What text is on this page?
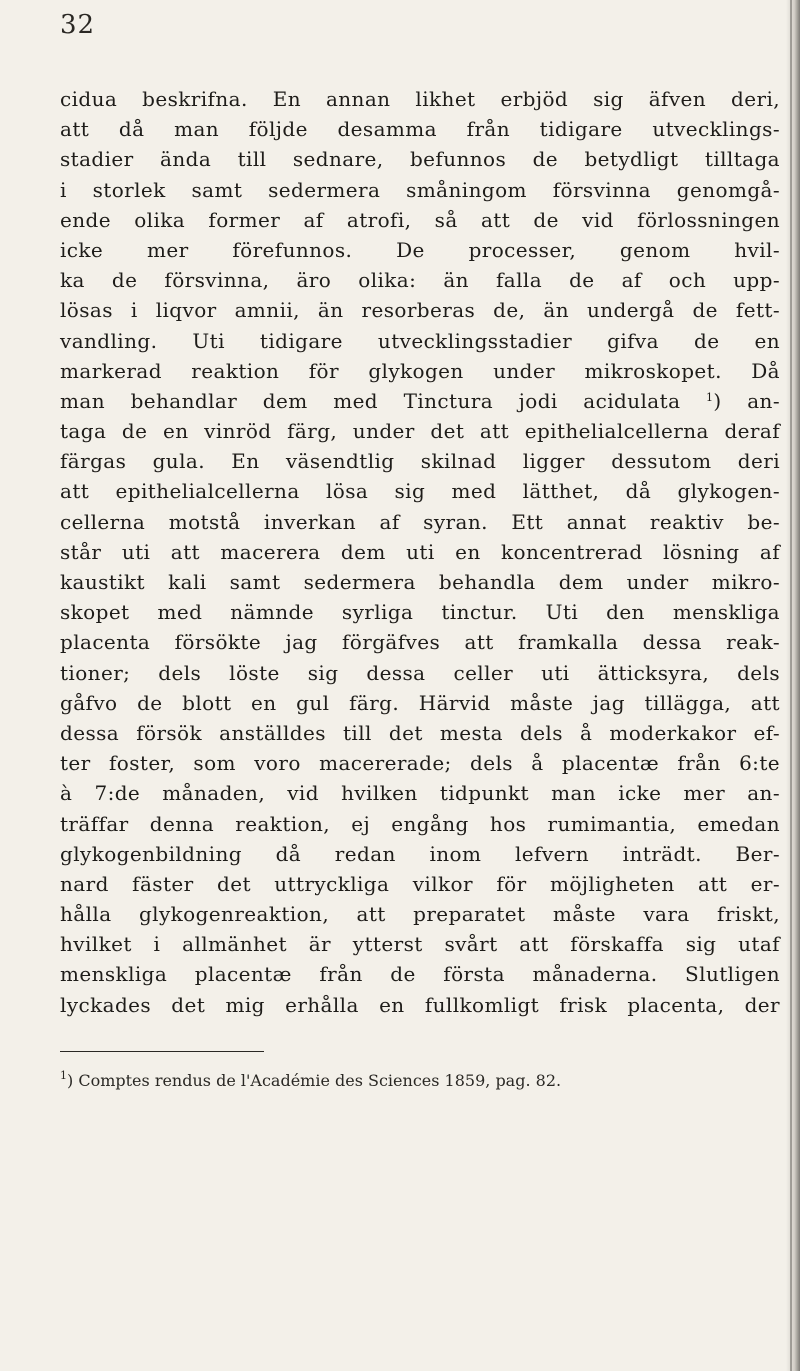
32
cidua beskrifna. En annan likhet erbjöd sig äfven deri,
att då man följde desamma från tidigare utvecklings-
stadier ända till sednare, befunnos de betydligt tilltaga
i storlek samt sedermera småningom försvinna genomgå-
ende olika former af atrofi, så att de vid förlossningen
icke mer förefunnos. De processer, genom hvil-
ka de försvinna, äro olika: än falla de af och upp-
lösas i liqvor amnii, än resorberas de, än undergå de fett-
vandling. Uti tidigare utvecklingsstadier gifva de en
markerad reaktion för glykogen under mikroskopet. Då
man behandlar dem med Tinctura jodi acidulata $^1$) an-
taga de en vinröd färg, under det att epithelialcellerna deraf
färgas gula. En väsendtlig skilnad ligger dessutom deri
att epithelialcellerna lösa sig med lätthet, då glykogen-
cellerna motstå inverkan af syran. Ett annat reaktiv be-
står uti att macerera dem uti en koncentrerad lösning af
kaustikt kali samt sedermera behandla dem under mikro-
skopet med nämnde syrliga tinctur. Uti den menskliga
placenta försökte jag förgäfves att framkalla dessa reak-
tioner; dels löste sig dessa celler uti ätticksyra, dels
gåfvo de blott en gul färg. Härvid måste jag tillägga, att
dessa försök anställdes till det mesta dels å moderkakor ef-
ter foster, som voro macererade; dels å placentæ från 6:te
à 7:de månaden, vid hvilken tidpunkt man icke mer an-
träffar denna reaktion, ej engång hos rumimantia, emedan
glykogenbildning då redan inom lefvern inträdt. Ber-
nard fäster det uttryckliga vilkor för möjligheten att er-
hålla glykogenreaktion, att preparatet måste vara friskt,
hvilket i allmänhet är ytterst svårt att förskaffa sig utaf
menskliga placentæ från de första månaderna. Slutligen
lyckades det mig erhålla en fullkomligt frisk placenta, der
$^1$) Comptes rendus de l'Académie des Sciences 1859, pag. 82.
